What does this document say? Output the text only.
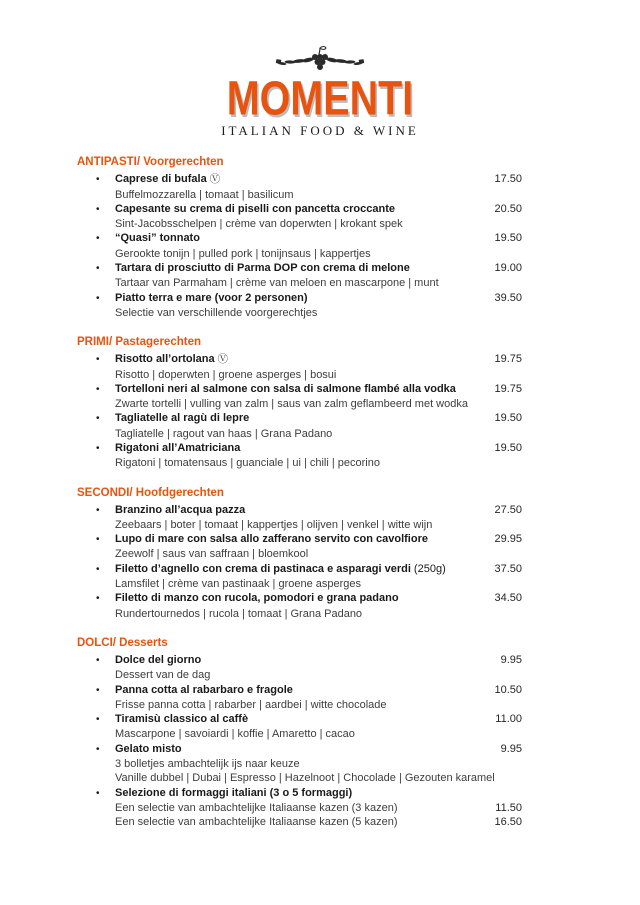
MOMENTI
ITALIAN FOOD & WINE
ANTIPASTI/ Voorgerechten
•	Caprese di bufala Ⓥ	17.50
Buffelmozzarella | tomaat | basilicum
•	Capesante su crema di piselli con pancetta croccante	20.50
Sint-Jacobsschelpen | crème van doperwten | krokant spek
•	“Quasi” tonnato	19.50
Gerookte tonijn | pulled pork | tonijnsaus | kappertjes
•	Tartara di prosciutto di Parma DOP con crema di melone	19.00
Tartaar van Parmaham | crème van meloen en mascarpone | munt
•	Piatto terra e mare (voor 2 personen)	39.50
Selectie van verschillende voorgerechtjes
PRIMI/ Pastagerechten
•	Risotto all’ortolana Ⓥ	19.75
Risotto | doperwten | groene asperges | bosui
•	Tortelloni neri al salmone con salsa di salmone flambé alla vodka	19.75
Zwarte tortelli | vulling van zalm | saus van zalm geflambeerd met wodka
•	Tagliatelle al ragù di lepre	19.50
Tagliatelle | ragout van haas | Grana Padano
•	Rigatoni all’Amatriciana	19.50
Rigatoni | tomatensaus | guanciale | ui | chili | pecorino
SECONDI/ Hoofdgerechten
•	Branzino all’acqua pazza	27.50
Zeebaars | boter | tomaat | kappertjes | olijven | venkel | witte wijn
•	Lupo di mare con salsa allo zafferano servito con cavolfiore	29.95
Zeewolf | saus van saffraan | bloemkool
•	Filetto d’agnello con crema di pastinaca e asparagi verdi (250g)	37.50
Lamsfilet | crème van pastinaak | groene asperges
•	Filetto di manzo con rucola, pomodori e grana padano	34.50
Rundertournedos | rucola | tomaat | Grana Padano
DOLCI/ Desserts
•	Dolce del giorno	9.95
Dessert van de dag
•	Panna cotta al rabarbaro e fragole	10.50
Frisse panna cotta | rabarber | aardbei | witte chocolade
•	Tiramisù classico al caffè	11.00
Mascarpone | savoiardi | koffie | Amaretto | cacao
•	Gelato misto	9.95
3 bolletjes ambachtelijk ijs naar keuze
Vanille dubbel | Dubai | Espresso | Hazelnoot | Chocolade | Gezouten karamel
•	Selezione di formaggi italiani (3 o 5 formaggi)
Een selectie van ambachtelijke Italiaanse kazen (3 kazen)	11.50
Een selectie van ambachtelijke Italiaanse kazen (5 kazen)	16.50
